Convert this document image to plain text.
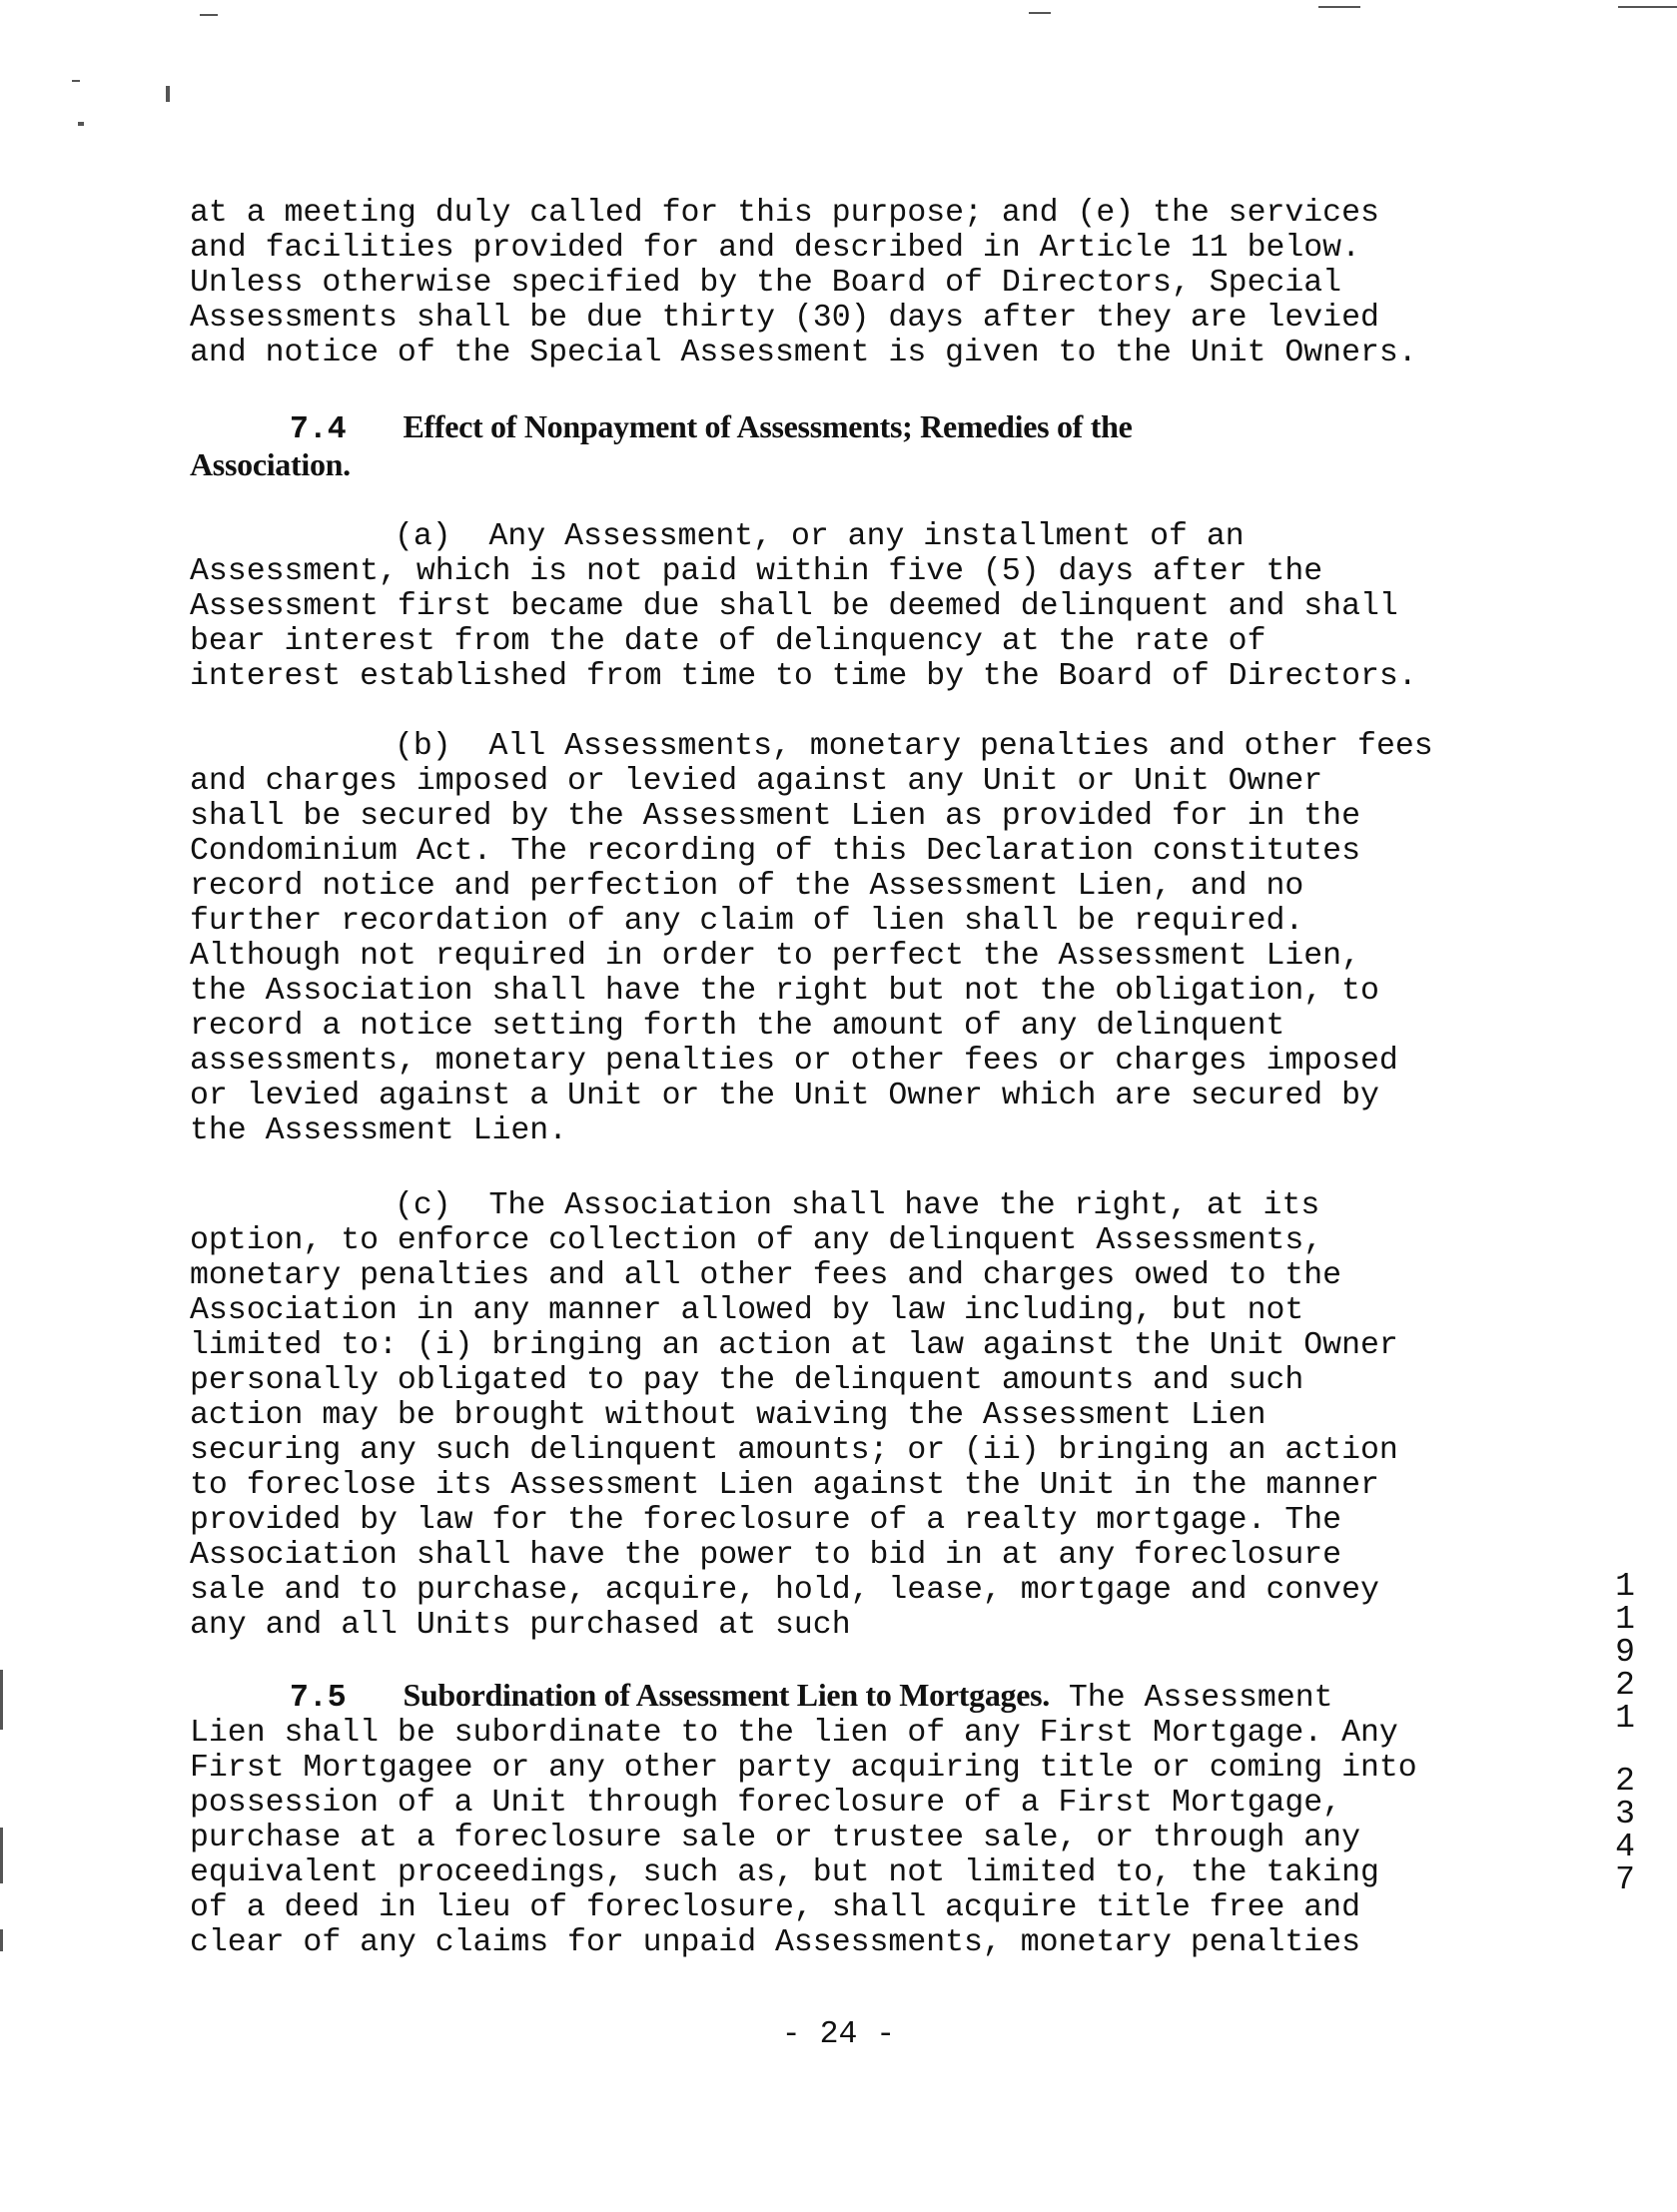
at a meeting duly called for this purpose; and (e) the services
and facilities provided for and described in Article 11 below.
Unless otherwise specified by the Board of Directors, Special
Assessments shall be due thirty (30) days after they are levied
and notice of the Special Assessment is given to the Unit Owners.
7.4 Effect of Nonpayment of Assessments; Remedies of the
Association.
(a)  Any Assessment, or any installment of an
Assessment, which is not paid within five (5) days after the
Assessment first became due shall be deemed delinquent and shall
bear interest from the date of delinquency at the rate of
interest established from time to time by the Board of Directors.
(b)  All Assessments, monetary penalties and other fees
and charges imposed or levied against any Unit or Unit Owner
shall be secured by the Assessment Lien as provided for in the
Condominium Act. The recording of this Declaration constitutes
record notice and perfection of the Assessment Lien, and no
further recordation of any claim of lien shall be required.
Although not required in order to perfect the Assessment Lien,
the Association shall have the right but not the obligation, to
record a notice setting forth the amount of any delinquent
assessments, monetary penalties or other fees or charges imposed
or levied against a Unit or the Unit Owner which are secured by
the Assessment Lien.
(c)  The Association shall have the right, at its
option, to enforce collection of any delinquent Assessments,
monetary penalties and all other fees and charges owed to the
Association in any manner allowed by law including, but not
limited to: (i) bringing an action at law against the Unit Owner
personally obligated to pay the delinquent amounts and such
action may be brought without waiving the Assessment Lien
securing any such delinquent amounts; or (ii) bringing an action
to foreclose its Assessment Lien against the Unit in the manner
provided by law for the foreclosure of a realty mortgage. The
Association shall have the power to bid in at any foreclosure
sale and to purchase, acquire, hold, lease, mortgage and convey
any and all Units purchased at such
7.5 Subordination of Assessment Lien to Mortgages. The Assessment
Lien shall be subordinate to the lien of any First Mortgage. Any
First Mortgagee or any other party acquiring title or coming into
possession of a Unit through foreclosure of a First Mortgage,
purchase at a foreclosure sale or trustee sale, or through any
equivalent proceedings, such as, but not limited to, the taking
of a deed in lieu of foreclosure, shall acquire title free and
clear of any claims for unpaid Assessments, monetary penalties
1
1
9
2
1
2
3
4
7
- 24 -
